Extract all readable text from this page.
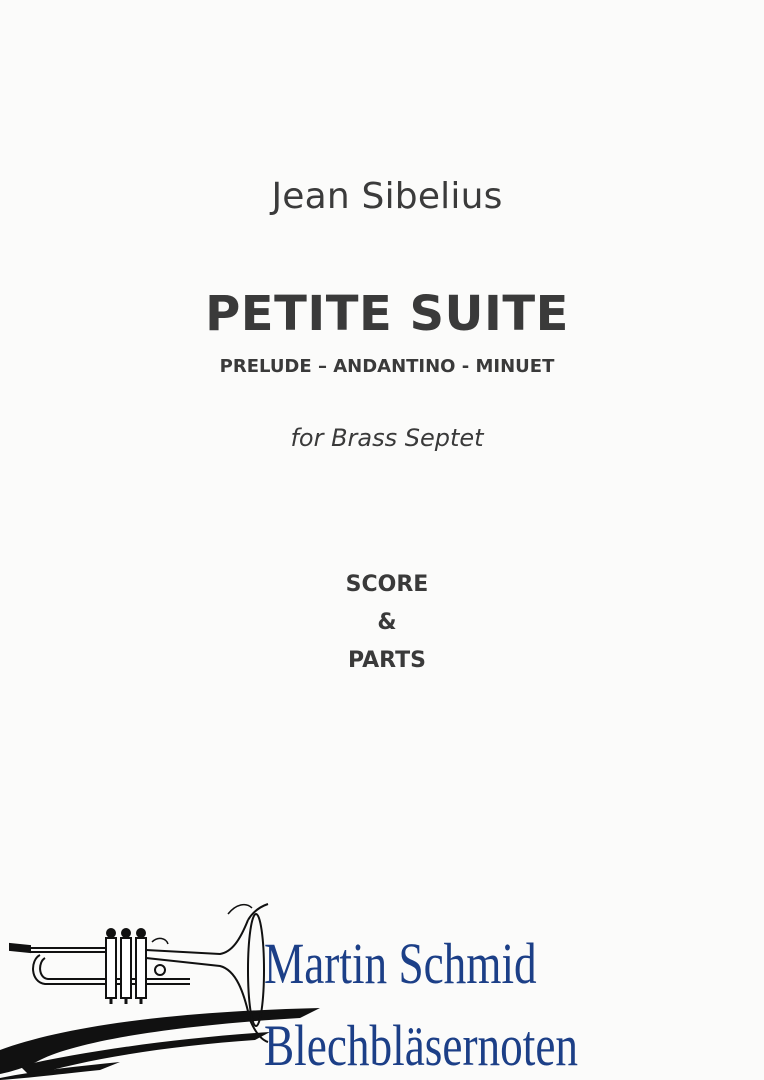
Jean Sibelius
PETITE SUITE
PRELUDE – ANDANTINO - MINUET
for Brass Septet
SCORE
&
PARTS
Martin Schmid
Blechbläsernoten
